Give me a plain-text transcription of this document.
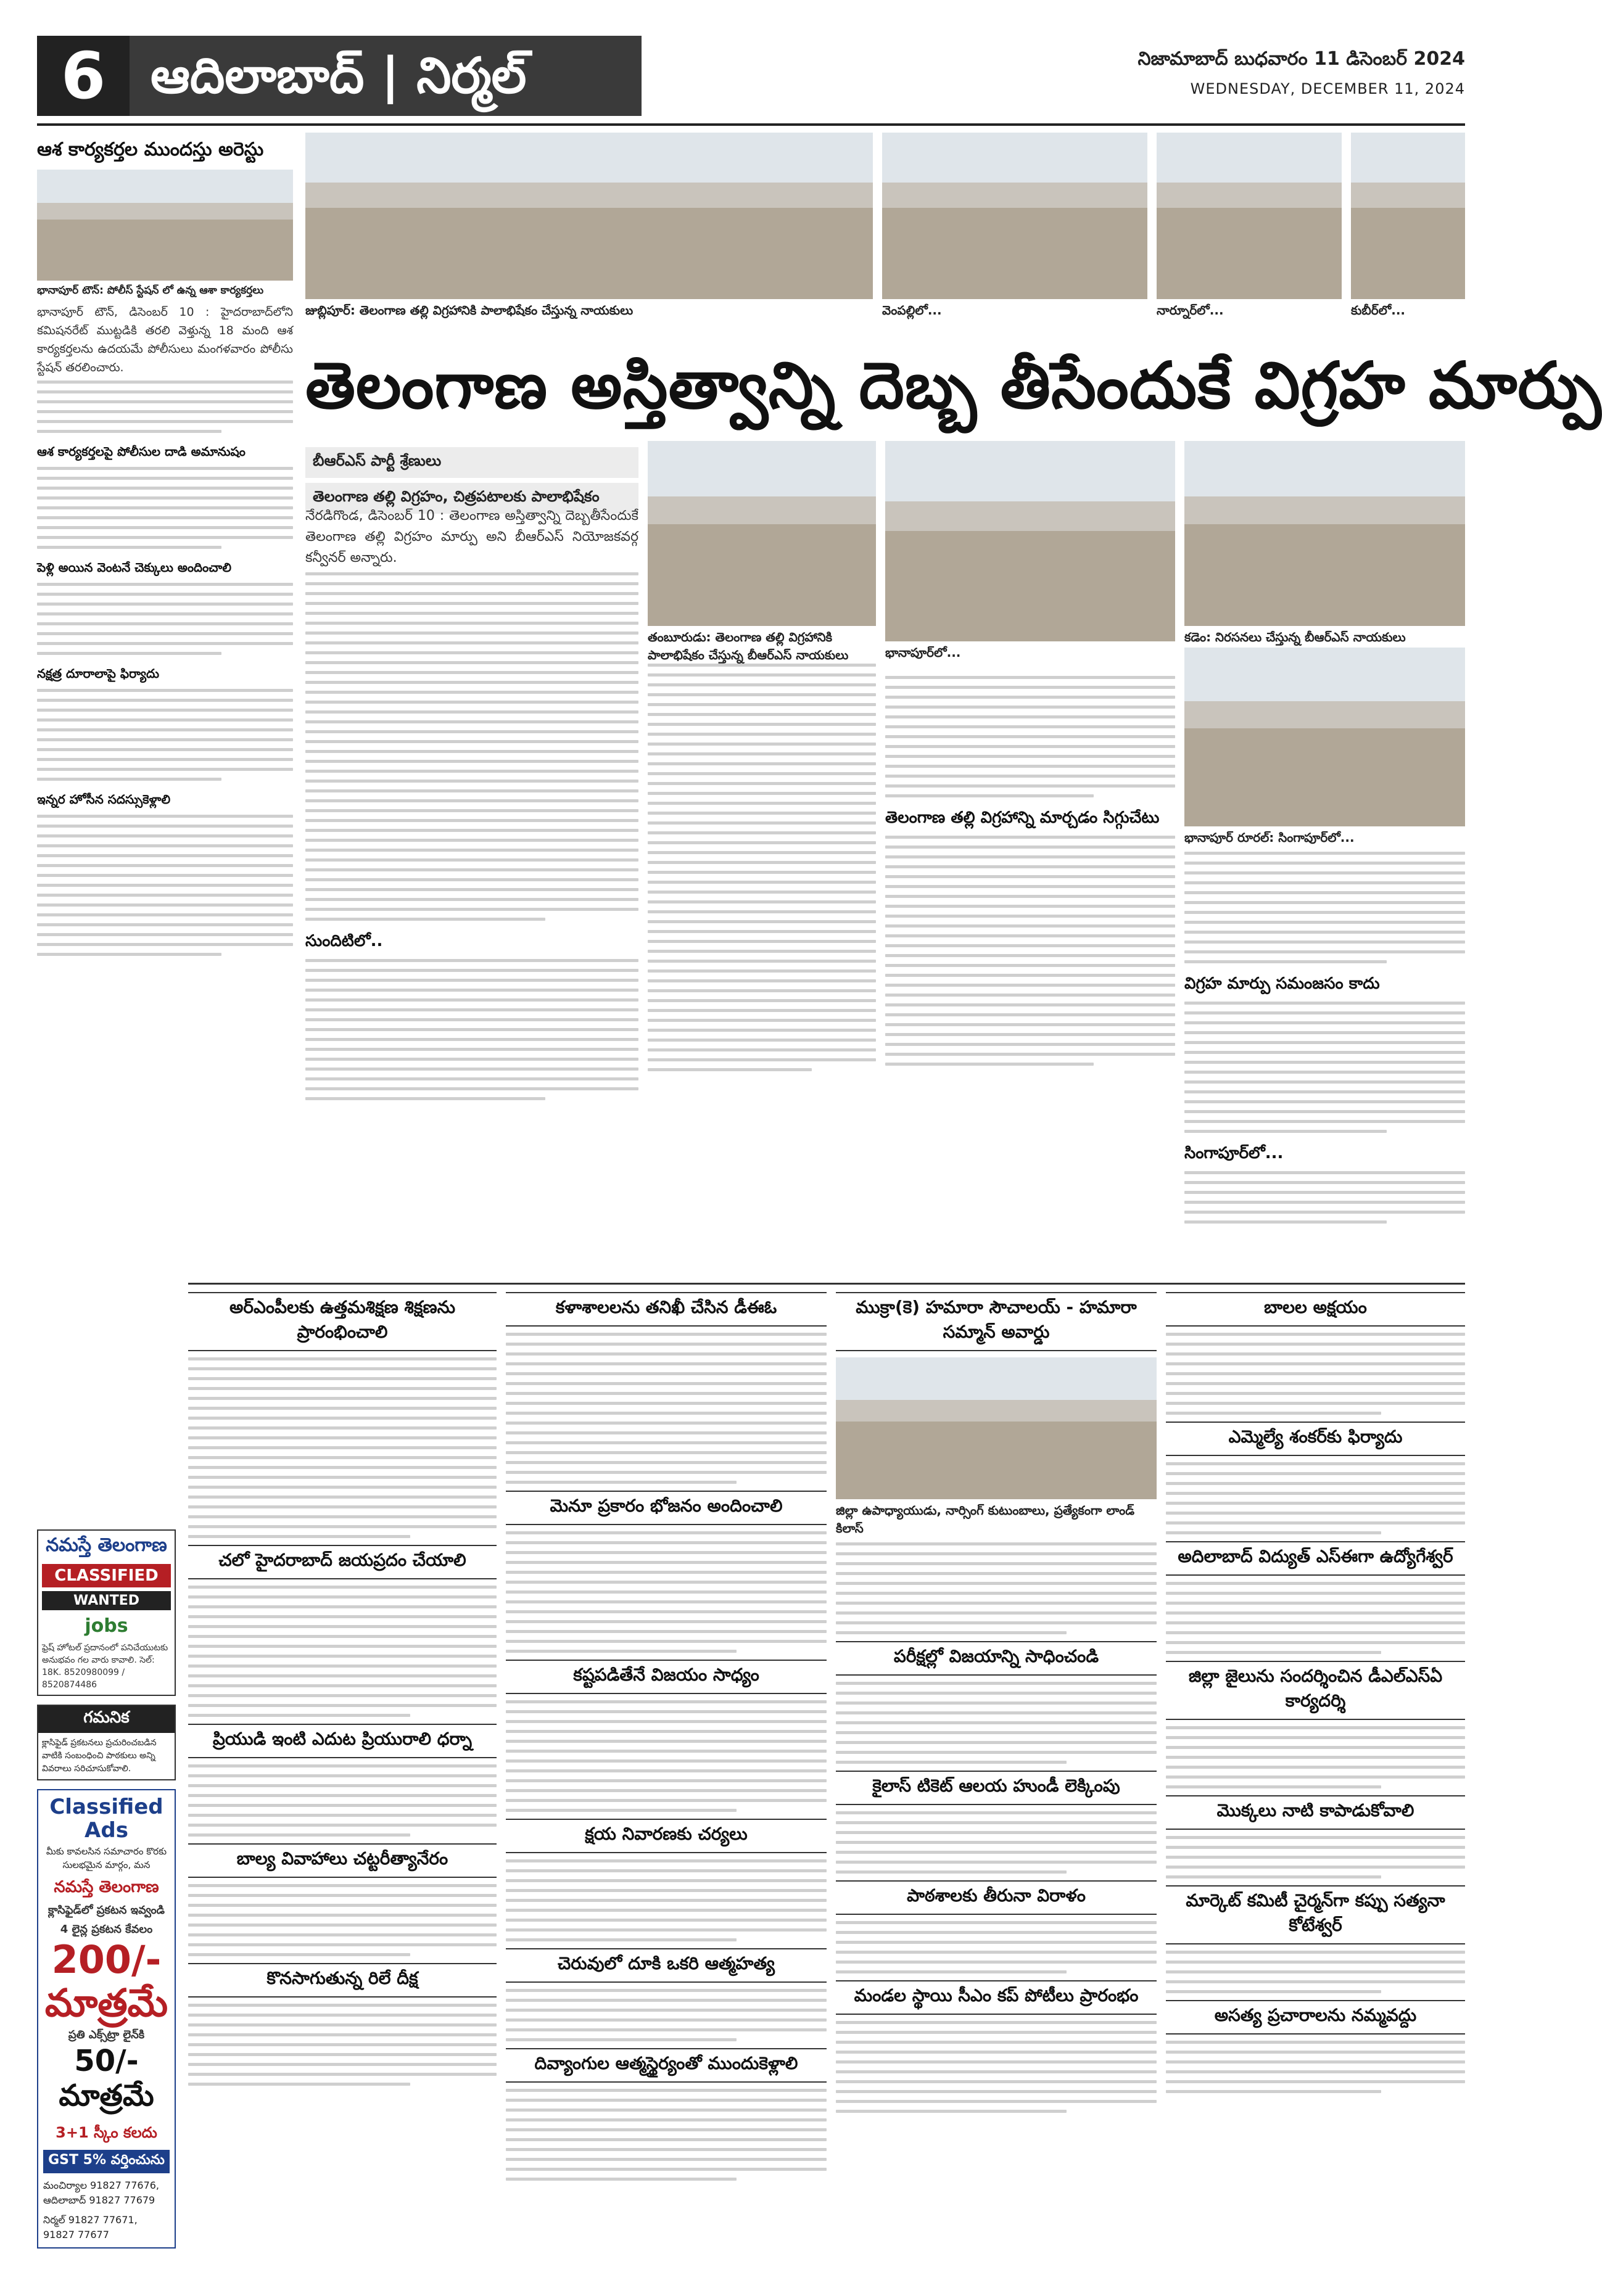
6 ఆదిలాబాద్ | నిర్మల్	నిజామాబాద్ బుధవారం 11 డిసెంబర్ 2024
WEDNESDAY, DECEMBER 11, 2024
ఆశ కార్యకర్తల ముందస్తు అరెస్టు
భానాపూర్ టౌన్: పోలీస్ స్టేషన్ లో ఉన్న ఆశా కార్యకర్తలు
భానాపూర్ టౌన్, డిసెంబర్ 10 : హైదరాబాద్‌లోని కమిషనరేట్ ముట్టడికి తరలి వెళ్తున్న 18 మంది ఆశ కార్యకర్తలను ఉదయమే పోలీసులు మంగళవారం పోలీసు స్టేషన్ తరలించారు.
ఆశ కార్యకర్తలపై పోలీసుల దాడి అమానుషం
పెళ్లి అయిన వెంటనే చెక్కులు అందించాలి
నక్షత్ర దూరాలాపై ఫిర్యాదు
ఇన్నర హోసీన సదస్సుకెళ్లాలి
జుబ్లిపూర్: తెలంగాణ తల్లి విగ్రహానికి పాలాభిషేకం చేస్తున్న నాయకులు	వెంపల్లిలో...	నార్నూర్‌లో...	కుబీర్‌లో...
తెలంగాణ అస్తిత్వాన్ని దెబ్బ తీసేందుకే విగ్రహ మార్పు
బీఆర్ఎస్ పార్టీ శ్రేణులు
తెలంగాణ తల్లి విగ్రహం, చిత్రపటాలకు పాలాభిషేకం
నేరడిగొండ, డిసెంబర్ 10 : తెలంగాణ అస్తిత్వాన్ని దెబ్బతీసేందుకే తెలంగాణ తల్లి విగ్రహం మార్పు అని బీఆర్ఎస్ నియోజకవర్గ కన్వీనర్ అన్నారు.
సుందిటిలో..
తంబూరుడు: తెలంగాణ తల్లి విగ్రహానికి పాలాభిషేకం చేస్తున్న బీఆర్ఎస్ నాయకులు	భానాపూర్‌లో...
కడెం: నిరసనలు చేస్తున్న బీఆర్ఎస్ నాయకులు
తెలంగాణ తల్లి విగ్రహాన్ని మార్చడం సిగ్గుచేటు
భానాపూర్ రూరల్: సింగాపూర్‌లో...
విగ్రహ మార్పు సమంజసం కాదు
సింగాపూర్‌లో...
అర్ఎంపీలకు ఉత్తమశిక్షణ శిక్షణను ప్రారంభించాలి
చలో హైదరాబాద్ జయప్రదం చేయాలి
ప్రియుడి ఇంటి ఎదుట ప్రియురాలి ధర్నా
బాల్య వివాహాలు చట్టరీత్యానేరం
కొనసాగుతున్న రిలే దీక్ష
కళాశాలలను తనిఖీ చేసిన డీఈఓ
మెనూ ప్రకారం భోజనం అందించాలి
కష్టపడితేనే విజయం సాధ్యం
క్షయ నివారణకు చర్యలు
చెరువులో దూకి ఒకరి ఆత్మహత్య
దివ్యాంగుల ఆత్మస్థైర్యంతో ముందుకెళ్లాలి
ముక్రా(కె) హమారా సౌచాలయ్ - హమారా సమ్మాన్ అవార్డు
జిల్లా ఉపాధ్యాయుడు, నార్సింగ్ కుటుంబాలు, ప్రత్యేకంగా లాండ్ కిలాస్
పరీక్షల్లో విజయాన్ని సాధించండి
కైలాస్ టికెట్ ఆలయ హుండీ లెక్కింపు
పాఠశాలకు తీరునా విరాళం
మండల స్థాయి సీఎం కప్ పోటీలు ప్రారంభం
బాలల అక్షయం
ఎమ్మెల్యే శంకర్‌కు ఫిర్యాదు
అదిలాబాద్ విద్యుత్ ఎస్‌ఈగా ఉద్యోగేశ్వర్
జిల్లా జైలును సందర్శించిన డీఎల్ఎస్ఏ కార్యదర్శి
మొక్కలు నాటి కాపాడుకోవాలి
మార్కెట్ కమిటీ చైర్మన్‌గా కప్పు సత్యనా కోటేశ్వర్
అసత్య ప్రచారాలను నమ్మవద్దు
నమస్తే తెలంగాణ
CLASSIFIED
WANTED
jobs
ఫ్రెష్ హోటల్ ప్రదానంలో పనిచేయుటకు అనుభవం గల వారు కావాలి. సెల్: 18K. 8520980099 / 8520874486
గమనిక
క్లాసిఫైడ్ ప్రకటనలు ప్రచురించబడిన వాటికి సంబంధించి పాఠకులు అన్ని వివరాలు సరిచూసుకోవాలి.
Classified Ads
మీకు కావలసిన సమాచారం కొరకు సులభమైన మార్గం, మన
నమస్తే తెలంగాణ
క్లాసిఫైడ్‌లో ప్రకటన ఇవ్వండి
4 లైన్ల ప్రకటన కేవలం
200/- మాత్రమే
ప్రతి ఎక్స్‌ట్రా లైన్‌కి
50/- మాత్రమే
3+1 స్కీం కలదు
GST 5% వర్తించును
మంచిర్యాల 91827 77676, ఆదిలాబాద్ 91827 77679
నిర్మల్ 91827 77671, 91827 77677
